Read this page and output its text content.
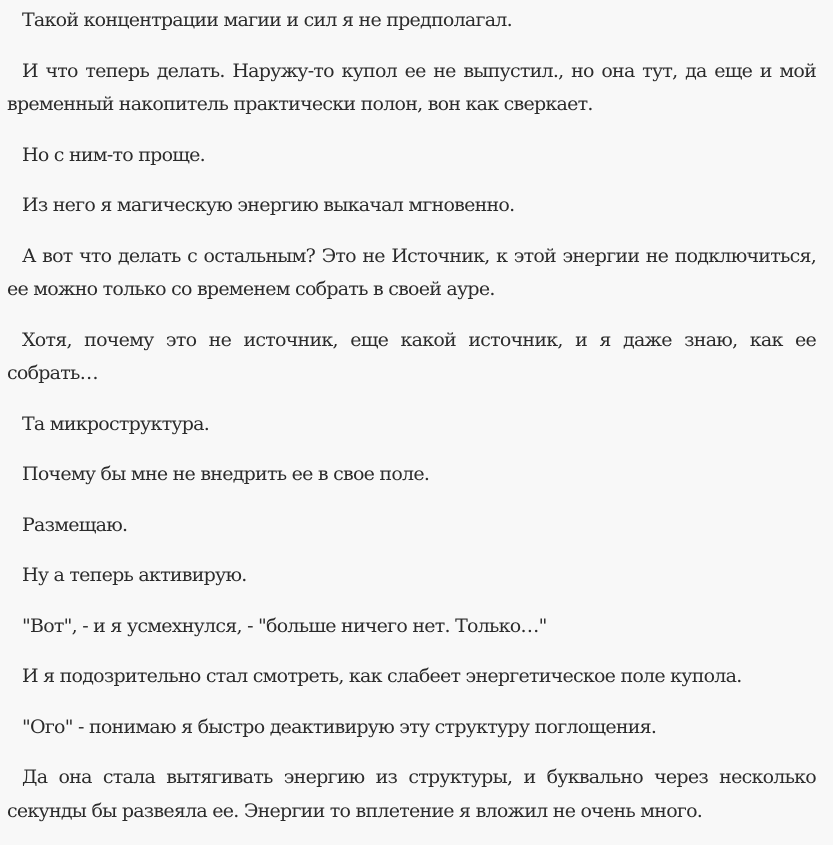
Такой концентрации магии и сил я не предполагал.

И что теперь делать. Наружу-то купол ее не выпустил., но она тут, да еще и мой временный накопитель практически полон, вон как сверкает.

Но с ним-то проще.

Из него я магическую энергию выкачал мгновенно.

А вот что делать с остальным? Это не Источник, к этой энергии не подключиться, ее можно только со временем собрать в своей ауре.

Хотя, почему это не источник, еще какой источник, и я даже знаю, как ее собрать…

Та микроструктура.

Почему бы мне не внедрить ее в свое поле.

Размещаю.

Ну а теперь активирую.

"Вот", - и я усмехнулся, - "больше ничего нет. Только…"

И я подозрительно стал смотреть, как слабеет энергетическое поле купола.

"Ого" - понимаю я быстро деактивирую эту структуру поглощения.

Да она стала вытягивать энергию из структуры, и буквально через несколько секунды бы развеяла ее. Энергии то вплетение я вложил не очень много.
